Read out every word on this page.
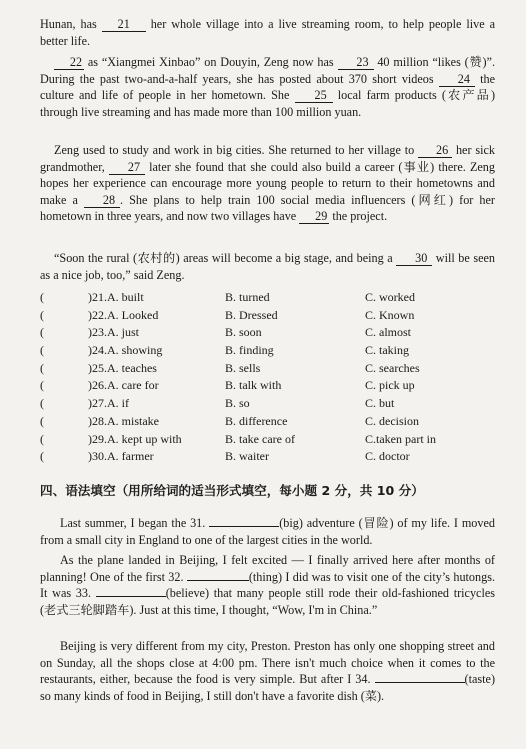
Hunan, has 21 her whole village into a live streaming room, to help people live a better life.
22 as “Xiangmei Xinbao” on Douyin, Zeng now has 23 40 million “likes (赞)”. During the past two-and-a-half years, she has posted about 370 short videos 24 the culture and life of people in her hometown. She 25 local farm products (农产品) through live streaming and has made more than 100 million yuan.
Zeng used to study and work in big cities. She returned to her village to 26 her sick grandmother, 27 later she found that she could also build a career (事业) there. Zeng hopes her experience can encourage more young people to return to their hometowns and make a 28 . She plans to help train 100 social media influencers (网红) for her hometown in three years, and now two villages have 29 the project.
“Soon the rural (农村的) areas will become a big stage, and being a 30 will be seen as a nice job, too,” said Zeng.
(	)21.A. built	B. turned	C. worked
(	)22.A. Looked	B. Dressed	C. Known
(	)23.A. just	B. soon	C. almost
(	)24.A. showing	B. finding	C. taking
(	)25.A. teaches	B. sells	C. searches
(	)26.A. care for	B. talk with	C. pick up
(	)27.A. if	B. so	C. but
(	)28.A. mistake	B. difference	C. decision
(	)29.A. kept up with	B. take care of	C.taken part in
(	)30.A. farmer	B. waiter	C. doctor
四、语法填空（用所给词的适当形式填空，每小题 2 分，共 10 分）
Last summer, I began the 31.	(big) adventure (冒险) of my life. I moved from a small city in England to one of the largest cities in the world.
As the plane landed in Beijing, I felt excited — I finally arrived here after months of planning! One of the first 32.	(thing) I did was to visit one of the city’s hutongs. It was 33.	(believe) that many people still rode their old-fashioned tricycles (老式三轮脚踏车). Just at this time, I thought, “Wow, I'm in China.”
Beijing is very different from my city, Preston. Preston has only one shopping street and on Sunday, all the shops close at 4:00 pm. There isn't much choice when it comes to the restaurants, either, because the food is very simple. But after I 34.	(taste) so many kinds of food in Beijing, I still don't have a favorite dish (菜).
